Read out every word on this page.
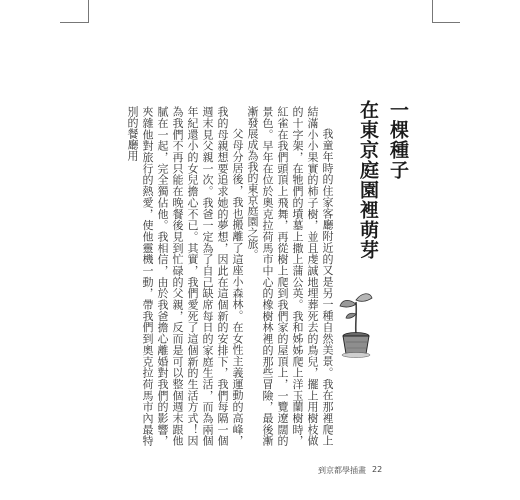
一棵種子
在東京庭園裡萌芽

我童年時的住家客廳附近的又是另一種自然美景。我在那裡爬上結滿小小果實的柿子樹，並且虔誠地埋葬死去的鳥兒，擺上用樹枝做的十字架，在牠們的墳墓上撒上蒲公英。我和姊姊爬上洋玉蘭樹時，紅雀在我們頭頂上飛舞，再從樹上爬到我們家的屋頂上，一覽遼闊的景色。早年在位於奧克拉荷馬市中心的橡樹林裡的那些冒險，最後漸漸發展成為我的東京庭園之旅。

父母分居後，我也搬離了這座小森林。在女性主義運動的高峰，我的母親想要追求她的夢想，因此在這個新的安排下，我們每隔一個週末見父親一次。我爸一定為了自己缺席每日的家庭生活，而為兩個年紀還小的女兒擔心不已。其實，我們愛死了這個新的生活方式！因為我們不再只能在晚餐後見到忙碌的父親，反而是可以整個週末跟他膩在一起，完全獨佔他。我相信，由於我爸擔心離婚對我們的影響，夾雜他對旅行的熱愛，使他靈機一動，帶我們到奧克拉荷馬市內最特別的餐廳用

到京都學插畫 22
